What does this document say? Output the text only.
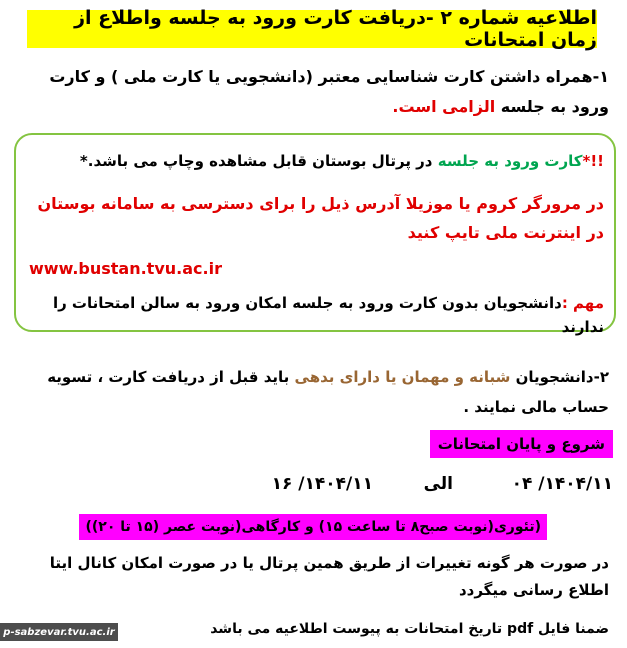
اطلاعیه شماره ۲ -دریافت کارت ورود به جلسه واطلاع از زمان امتحانات
۱-همراه داشتن کارت شناسایی معتبر (دانشجویی یا کارت ملی ) و کارت ورود به جلسه الزامی است.
!!*کارت ورود به جلسه در پرتال بوستان قابل مشاهده وچاپ می باشد.*
در مرورگر کروم یا موزیلا آدرس ذیل را برای دسترسی به سامانه بوستان در اینترنت ملی تایپ کنید
www.bustan.tvu.ac.ir
مهم :دانشجویان بدون کارت ورود به جلسه امکان ورود به سالن امتحانات را ندارند
۲-دانشجویان شبانه و مهمان یا دارای بدهی باید قبل از دریافت کارت ، تسویه حساب مالی نمایند .
شروع و پایان امتحانات
۱۴۰۴/۱۱/ ۰۴
الی
۱۴۰۴/۱۱/ ۱۶
(تئوری(نوبت صبح۸ تا ساعت ۱۵) و کارگاهی(نوبت عصر (۱۵ تا ۲۰))
در صورت هر گونه تغییرات از طریق همین پرتال یا در صورت امکان کانال ایتا اطلاع رسانی میگردد
ضمنا فایل pdf تاریخ امتحانات به پیوست اطلاعیه می باشد
p-sabzevar.tvu.ac.ir
